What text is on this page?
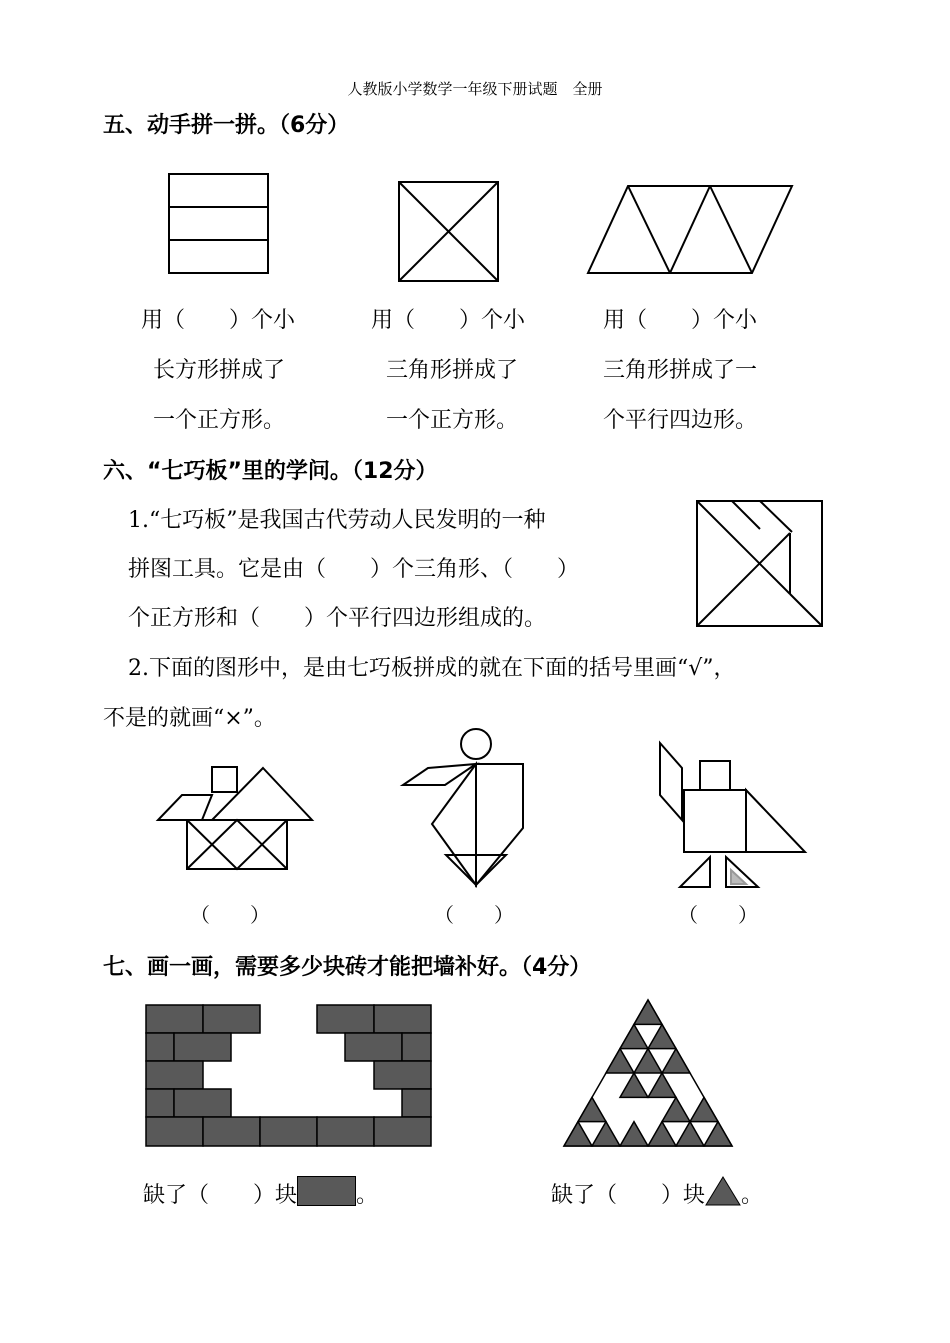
人教版小学数学一年级下册试题　全册
五、动手拼一拼。（6分）
用（　　）个小
长方形拼成了
一个正方形。
用（　　）个小
三角形拼成了
一个正方形。
用（　　）个小
三角形拼成了一
个平行四边形。
六、“七巧板”里的学问。（12分）
1.“七巧板”是我国古代劳动人民发明的一种
拼图工具。它是由（　　）个三角形、（　　）
个正方形和（　　）个平行四边形组成的。
2.下面的图形中，是由七巧板拼成的就在下面的括号里画“√”，
不是的就画“×”。
（　　）	（　　）	（　　）
七、画一画，需要多少块砖才能把墙补好。（4分）
缺了（　　）块	。	缺了（　　）块 。
